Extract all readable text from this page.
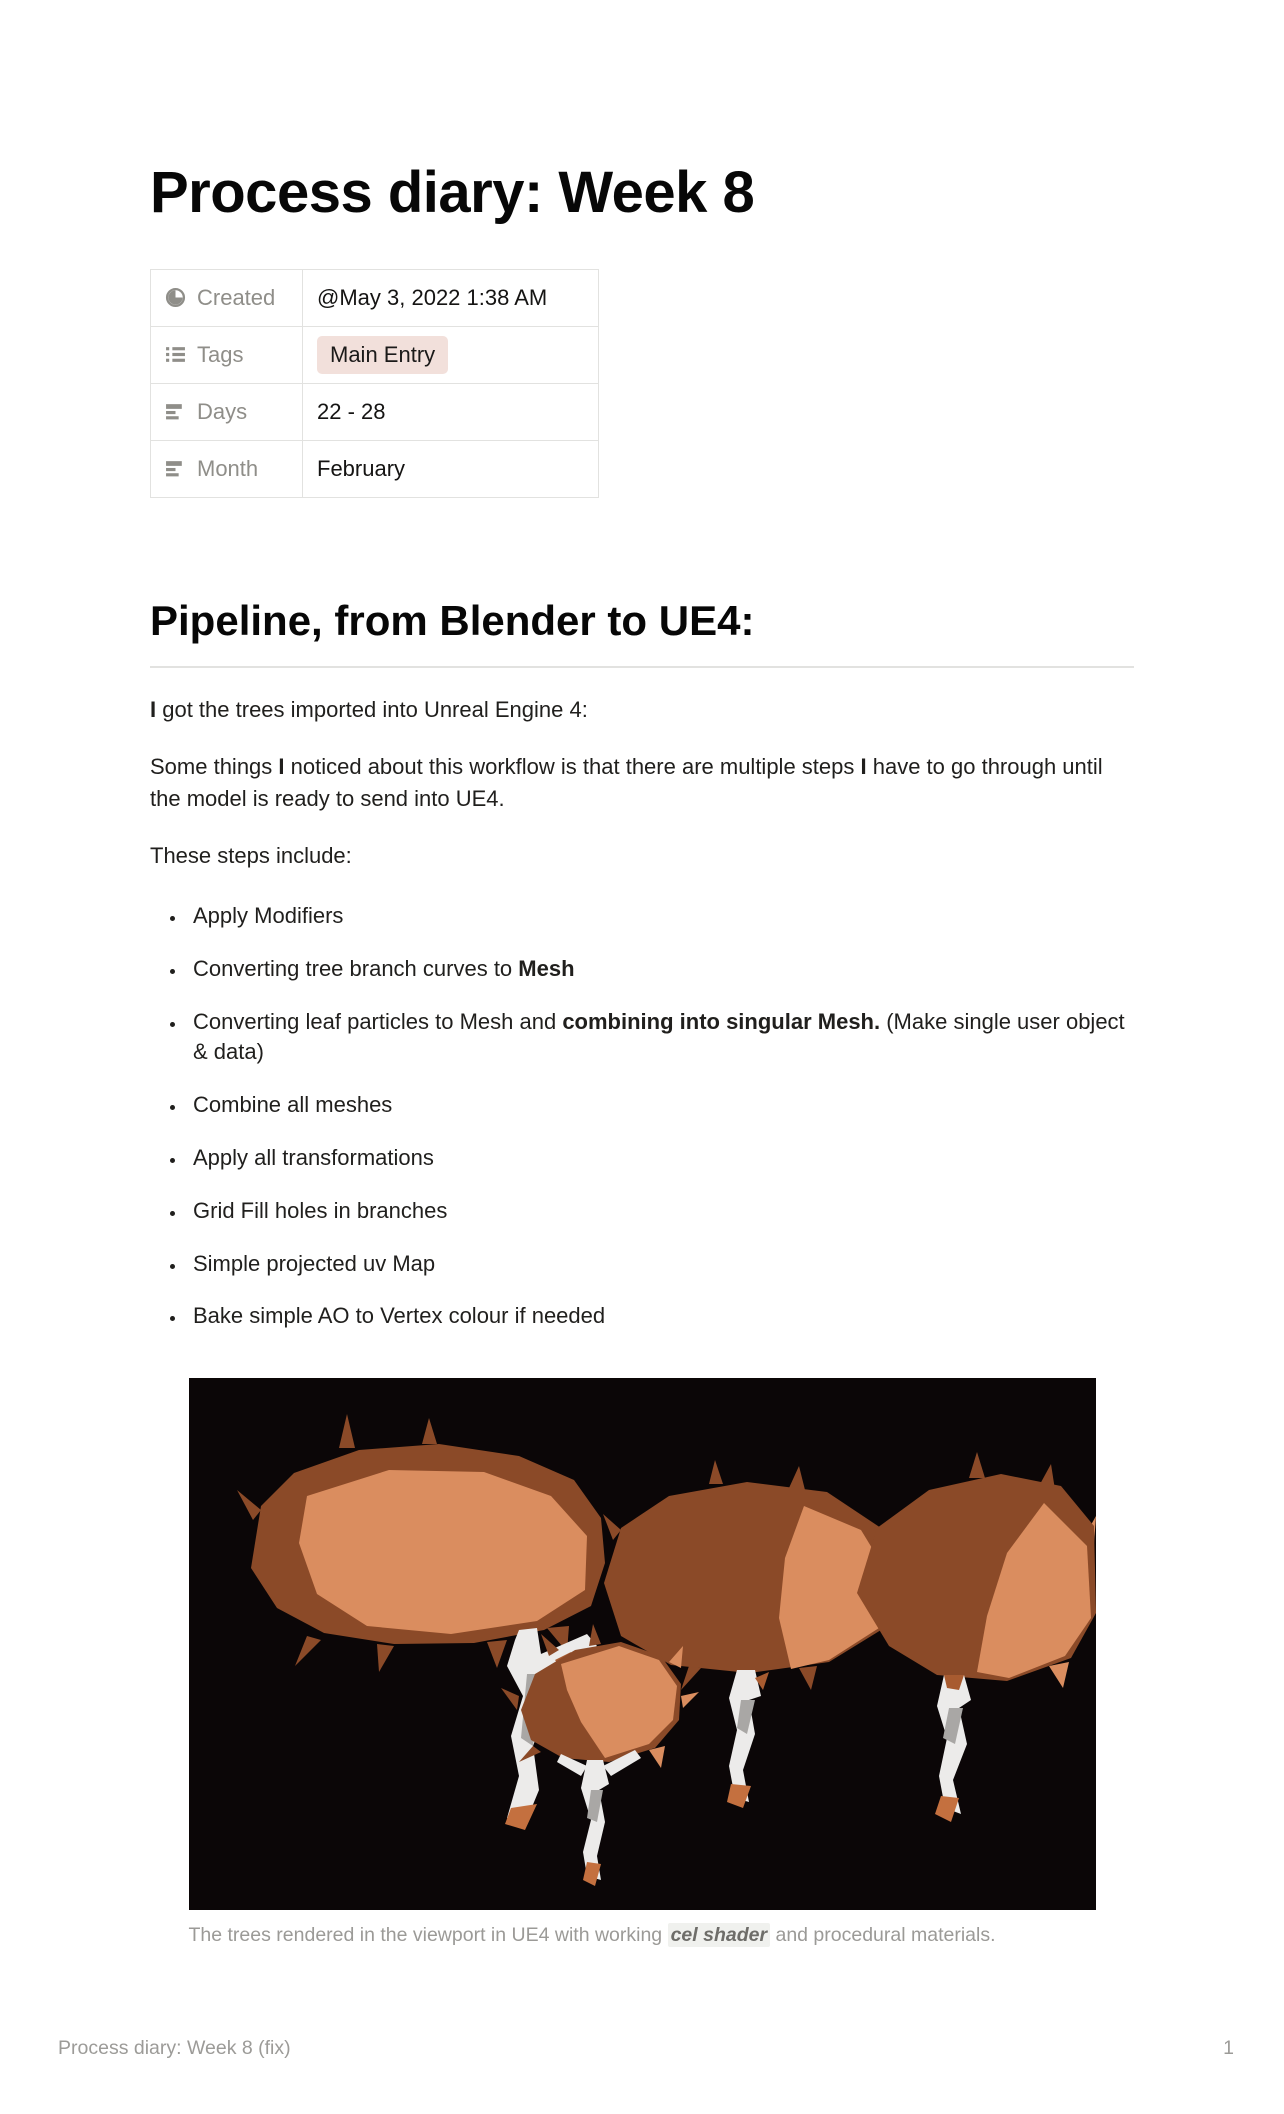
Process diary: Week 8
Created	@May 3, 2022 1:38 AM

Tags	Main Entry

Days	22 - 28

Month	February
Pipeline, from Blender to UE4:

I got the trees imported into Unreal Engine 4:

Some things I noticed about this workflow is that there are multiple steps I have to go through until the model is ready to send into UE4.

These steps include:

• Apply Modifiers
• Converting tree branch curves to Mesh
• Converting leaf particles to Mesh and combining into singular Mesh. (Make single user object & data)
• Combine all meshes
• Apply all transformations
• Grid Fill holes in branches
• Simple projected uv Map
• Bake simple AO to Vertex colour if needed
The trees rendered in the viewport in UE4 with working cel shader and procedural materials.
Process diary: Week 8 (fix)	1
